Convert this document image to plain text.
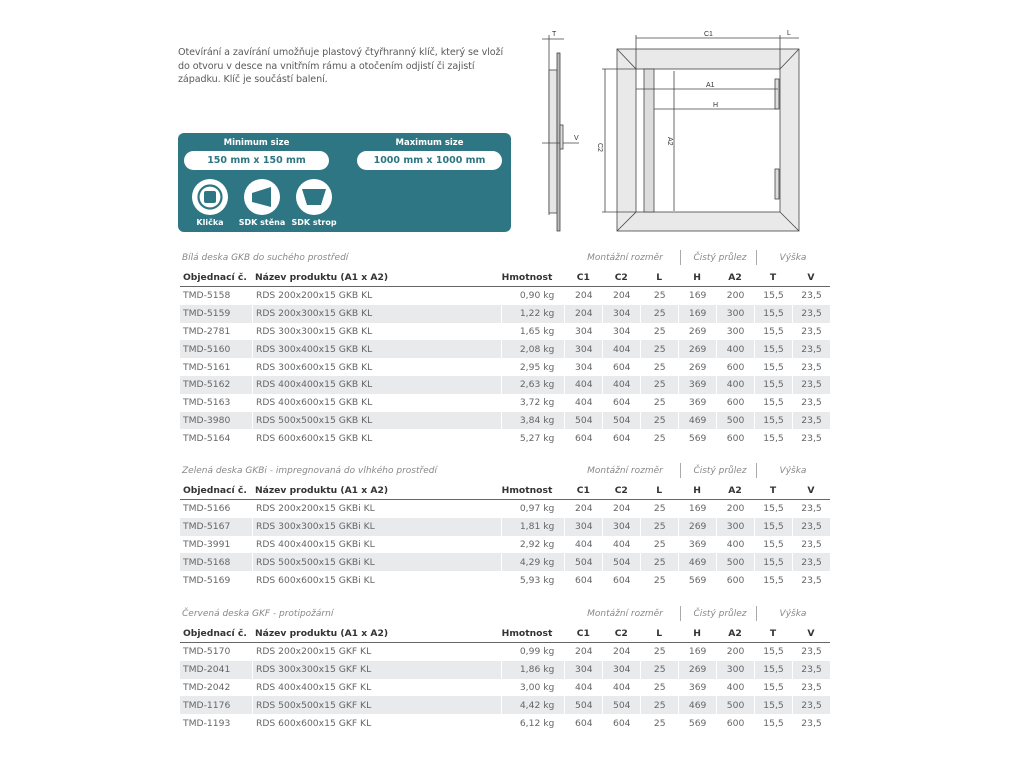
Otevírání a zavírání umožňuje plastový čtyřhranný klíč, který se vloží do otvoru v desce na vnitřním rámu a otočením odjistí či zajistí západku. Klíč je součástí balení.

Minimum size
150 mm x 150 mm
Maximum size
1000 mm x 1000 mm
Klička SDK stěna SDK strop
T
V
C1	L
A1
H
C2
A2
Bílá deska GKB do suchého prostředí	Montážní rozměr	Čistý průlez	Výška
Objednací č.	Název produktu (A1 x A2)	Hmotnost	C1	C2	L	H	A2	T	V
TMD-5158	RDS 200x200x15 GKB KL	0,90 kg	204	204	25	169	200	15,5	23,5
TMD-5159	RDS 200x300x15 GKB KL	1,22 kg	204	304	25	169	300	15,5	23,5
TMD-2781	RDS 300x300x15 GKB KL	1,65 kg	304	304	25	269	300	15,5	23,5
TMD-5160	RDS 300x400x15 GKB KL	2,08 kg	304	404	25	269	400	15,5	23,5
TMD-5161	RDS 300x600x15 GKB KL	2,95 kg	304	604	25	269	600	15,5	23,5
TMD-5162	RDS 400x400x15 GKB KL	2,63 kg	404	404	25	369	400	15,5	23,5
TMD-5163	RDS 400x600x15 GKB KL	3,72 kg	404	604	25	369	600	15,5	23,5
TMD-3980	RDS 500x500x15 GKB KL	3,84 kg	504	504	25	469	500	15,5	23,5
TMD-5164	RDS 600x600x15 GKB KL	5,27 kg	604	604	25	569	600	15,5	23,5
Zelená deska GKBi - impregnovaná do vlhkého prostředí	Montážní rozměr	Čistý průlez	Výška
Objednací č.	Název produktu (A1 x A2)	Hmotnost	C1	C2	L	H	A2	T	V
TMD-5166	RDS 200x200x15 GKBi KL	0,97 kg	204	204	25	169	200	15,5	23,5
TMD-5167	RDS 300x300x15 GKBi KL	1,81 kg	304	304	25	269	300	15,5	23,5
TMD-3991	RDS 400x400x15 GKBi KL	2,92 kg	404	404	25	369	400	15,5	23,5
TMD-5168	RDS 500x500x15 GKBi KL	4,29 kg	504	504	25	469	500	15,5	23,5
TMD-5169	RDS 600x600x15 GKBi KL	5,93 kg	604	604	25	569	600	15,5	23,5
Červená deska GKF - protipožární	Montážní rozměr	Čistý průlez	Výška
Objednací č.	Název produktu (A1 x A2)	Hmotnost	C1	C2	L	H	A2	T	V
TMD-5170	RDS 200x200x15 GKF KL	0,99 kg	204	204	25	169	200	15,5	23,5
TMD-2041	RDS 300x300x15 GKF KL	1,86 kg	304	304	25	269	300	15,5	23,5
TMD-2042	RDS 400x400x15 GKF KL	3,00 kg	404	404	25	369	400	15,5	23,5
TMD-1176	RDS 500x500x15 GKF KL	4,42 kg	504	504	25	469	500	15,5	23,5
TMD-1193	RDS 600x600x15 GKF KL	6,12 kg	604	604	25	569	600	15,5	23,5
